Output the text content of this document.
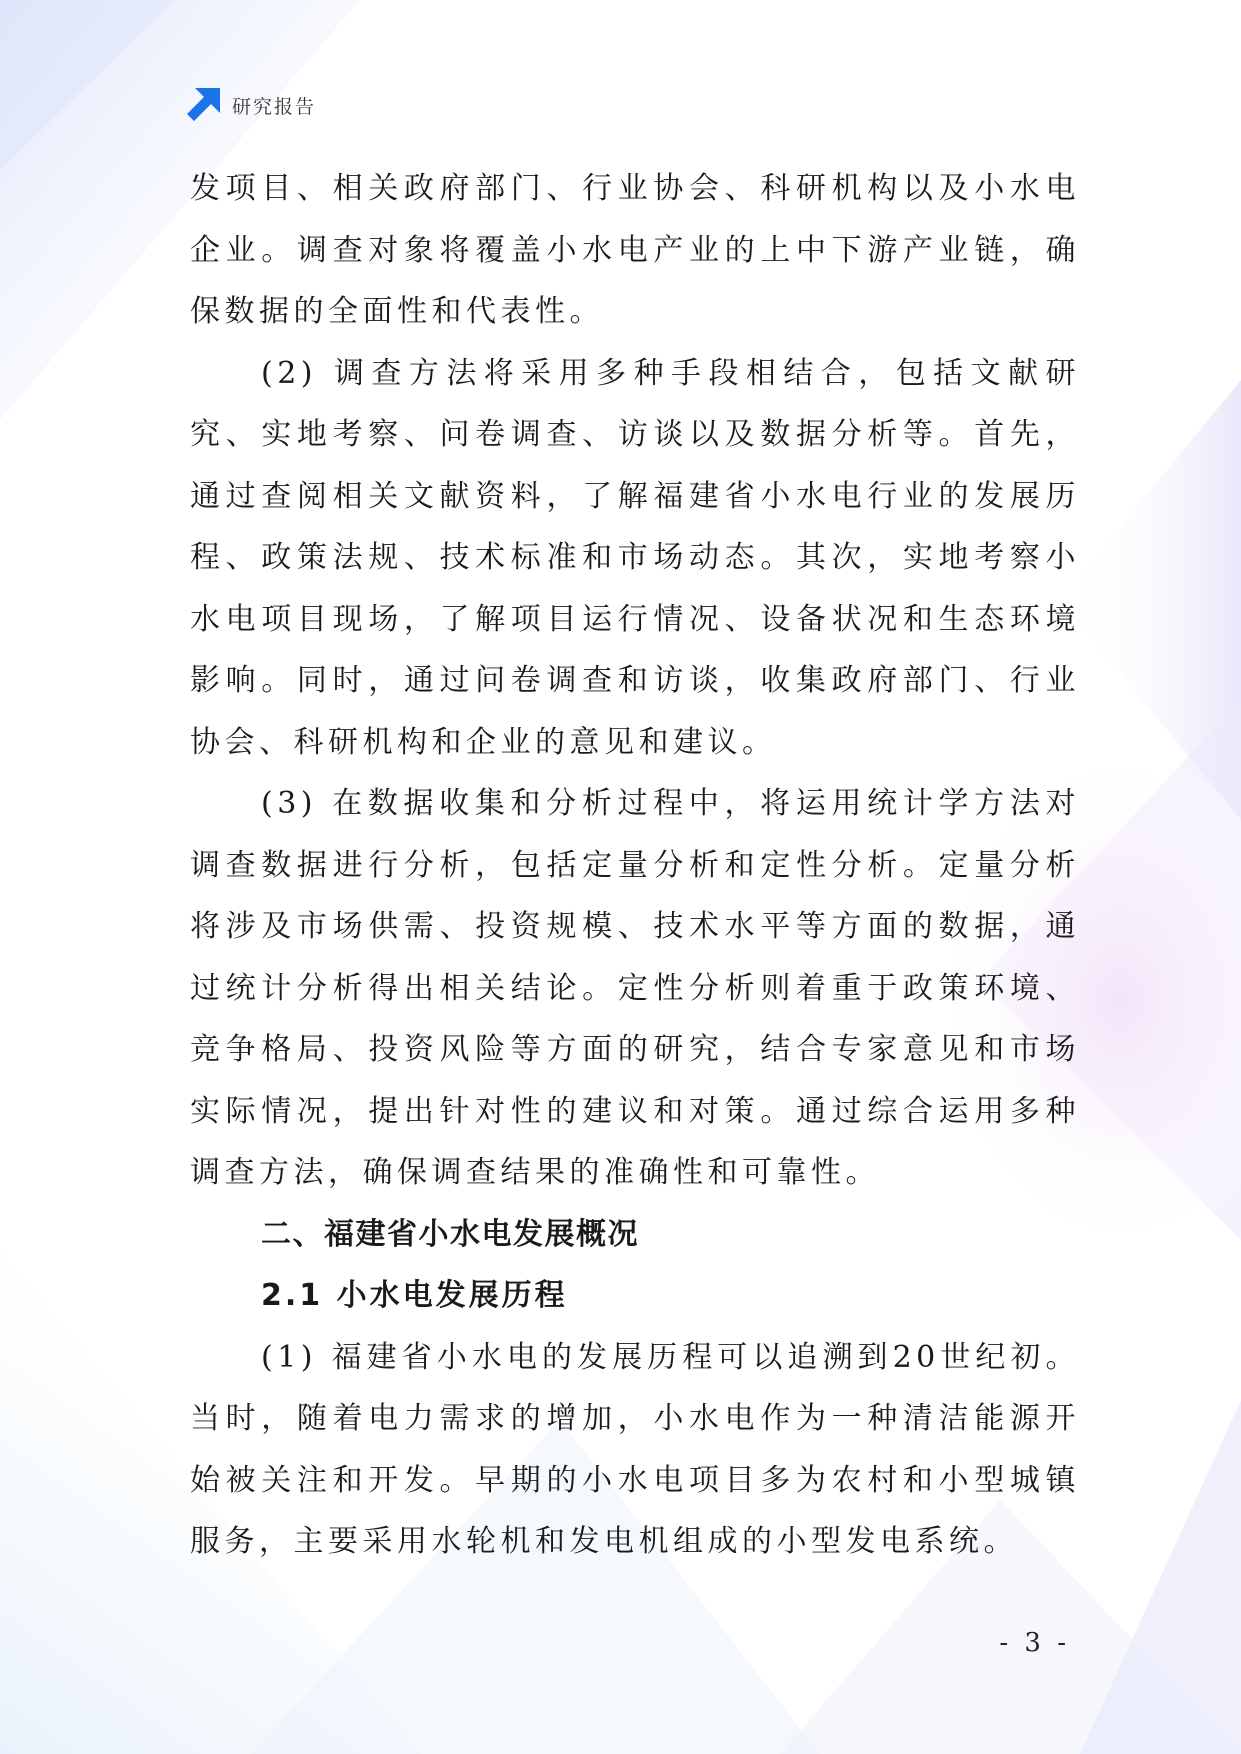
研究报告

发项目、相关政府部门、行业协会、科研机构以及小水电企业。调查对象将覆盖小水电产业的上中下游产业链，确保数据的全面性和代表性。

(2) 调查方法将采用多种手段相结合，包括文献研究、实地考察、问卷调查、访谈以及数据分析等。首先，通过查阅相关文献资料，了解福建省小水电行业的发展历程、政策法规、技术标准和市场动态。其次，实地考察小水电项目现场，了解项目运行情况、设备状况和生态环境影响。同时，通过问卷调查和访谈，收集政府部门、行业协会、科研机构和企业的意见和建议。

(3) 在数据收集和分析过程中，将运用统计学方法对调查数据进行分析，包括定量分析和定性分析。定量分析将涉及市场供需、投资规模、技术水平等方面的数据，通过统计分析得出相关结论。定性分析则着重于政策环境、竞争格局、投资风险等方面的研究，结合专家意见和市场实际情况，提出针对性的建议和对策。通过综合运用多种调查方法，确保调查结果的准确性和可靠性。

二、福建省小水电发展概况
2.1 小水电发展历程

(1) 福建省小水电的发展历程可以追溯到20世纪初。当时，随着电力需求的增加，小水电作为一种清洁能源开始被关注和开发。早期的小水电项目多为农村和小型城镇服务，主要采用水轮机和发电机组成的小型发电系统。

- 3 -
